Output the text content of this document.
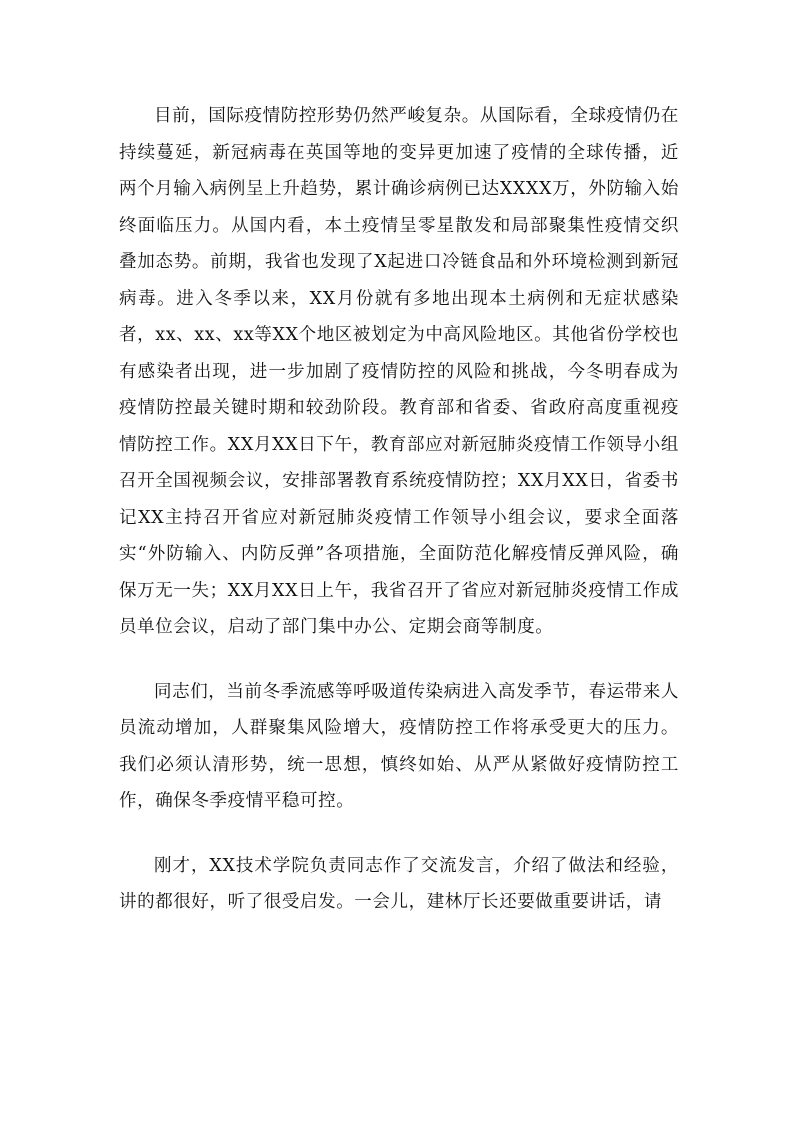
目前，国际疫情防控形势仍然严峻复杂。从国际看，全球疫情仍在持续蔓延，新冠病毒在英国等地的变异更加速了疫情的全球传播，近两个月输入病例呈上升趋势，累计确诊病例已达XXXX万，外防输入始终面临压力。从国内看，本土疫情呈零星散发和局部聚集性疫情交织叠加态势。前期，我省也发现了X起进口冷链食品和外环境检测到新冠病毒。进入冬季以来，XX月份就有多地出现本土病例和无症状感染者，xx、xx、xx等XX个地区被划定为中高风险地区。其他省份学校也有感染者出现，进一步加剧了疫情防控的风险和挑战，今冬明春成为疫情防控最关键时期和较劲阶段。教育部和省委、省政府高度重视疫情防控工作。XX月XX日下午，教育部应对新冠肺炎疫情工作领导小组召开全国视频会议，安排部署教育系统疫情防控；XX月XX日，省委书记XX主持召开省应对新冠肺炎疫情工作领导小组会议，要求全面落实“外防输入、内防反弹”各项措施，全面防范化解疫情反弹风险，确保万无一失；XX月XX日上午，我省召开了省应对新冠肺炎疫情工作成员单位会议，启动了部门集中办公、定期会商等制度。

同志们，当前冬季流感等呼吸道传染病进入高发季节，春运带来人员流动增加，人群聚集风险增大，疫情防控工作将承受更大的压力。我们必须认清形势，统一思想，慎终如始、从严从紧做好疫情防控工作，确保冬季疫情平稳可控。

刚才，XX技术学院负责同志作了交流发言，介绍了做法和经验，讲的都很好，听了很受启发。一会儿，建林厅长还要做重要讲话，请
